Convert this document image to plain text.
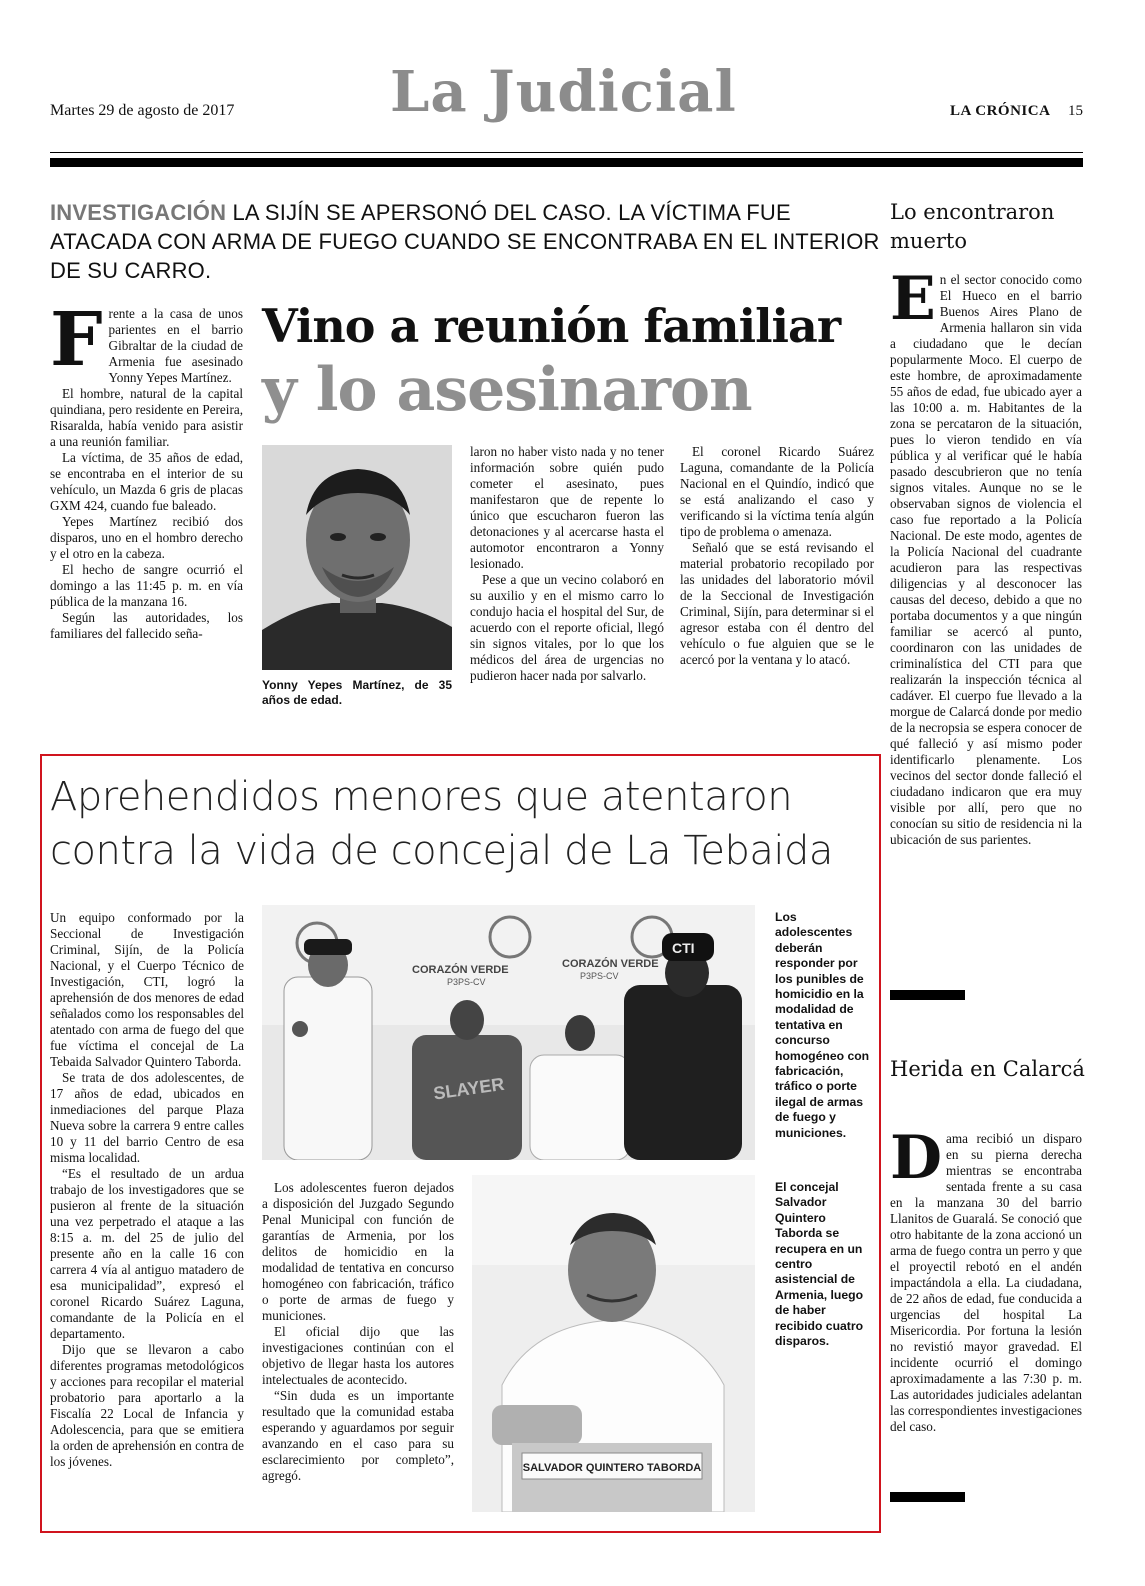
Martes 29 de agosto de 2017	La Judicial	LA CRÓNICA 15
INVESTIGACIÓN LA SIJÍN SE APERSONÓ DEL CASO. LA VÍCTIMA FUE ATACADA CON ARMA DE FUEGO CUANDO SE ENCONTRABA EN EL INTERIOR DE SU CARRO.
Vino a reunión familiar
y lo asesinaron

Frente a la casa de unos parientes en el barrio Gibraltar de la ciudad de Armenia fue asesinado Yonny Yepes Martínez.

El hombre, natural de la capital quindiana, pero residente en Pereira, Risaralda, había venido para asistir a una reunión familiar.

La víctima, de 35 años de edad, se encontraba en el interior de su vehículo, un Mazda 6 gris de placas GXM 424, cuando fue baleado.

Yepes Martínez recibió dos disparos, uno en el hombro derecho y el otro en la cabeza.

El hecho de sangre ocurrió el domingo a las 11:45 p. m. en vía pública de la manzana 16.

Según las autoridades, los familiares del fallecido seña-

Yonny Yepes Martínez, de 35 años de edad.

laron no haber visto nada y no tener información sobre quién pudo cometer el asesinato, pues manifestaron que de repente lo único que escucharon fueron las detonaciones y al acercarse hasta el automotor encontraron a Yonny lesionado.

Pese a que un vecino colaboró en su auxilio y en el mismo carro lo condujo hacia el hospital del Sur, de acuerdo con el reporte oficial, llegó sin signos vitales, por lo que los médicos del área de urgencias no pudieron hacer nada por salvarlo.

El coronel Ricardo Suárez Laguna, comandante de la Policía Nacional en el Quindío, indicó que se está analizando el caso y verificando si la víctima tenía algún tipo de problema o amenaza.

Señaló que se está revisando el material probatorio recopilado por las unidades del laboratorio móvil de la Seccional de Investigación Criminal, Sijín, para determinar si el agresor estaba con él dentro del vehículo o fue alguien que se le acercó por la ventana y lo atacó.

Lo encontraron muerto

En el sector conocido como El Hueco en el barrio Buenos Aires Plano de Armenia hallaron sin vida a ciudadano que le decían popularmente Moco. El cuerpo de este hombre, de aproximadamente 55 años de edad, fue ubicado ayer a las 10:00 a. m. Habitantes de la zona se percataron de la situación, pues lo vieron tendido en vía pública y al verificar qué le había pasado descubrieron que no tenía signos vitales. Aunque no se le observaban signos de violencia el caso fue reportado a la Policía Nacional. De este modo, agentes de la Policía Nacional del cuadrante acudieron para las respectivas diligencias y al desconocer las causas del deceso, debido a que no portaba documentos y a que ningún familiar se acercó al punto, coordinaron con las unidades de criminalística del CTI para que realizarán la inspección técnica al cadáver. El cuerpo fue llevado a la morgue de Calarcá donde por medio de la necropsia se espera conocer de qué falleció y así mismo poder identificarlo plenamente. Los vecinos del sector donde falleció el ciudadano indicaron que era muy visible por allí, pero que no conocían su sitio de residencia ni la ubicación de sus parientes.

Herida en Calarcá

Dama recibió un disparo en su pierna derecha mientras se encontraba sentada frente a su casa en la manzana 30 del barrio Llanitos de Guaralá. Se conoció que otro habitante de la zona accionó un arma de fuego contra un perro y que el proyectil rebotó en el andén impactándola a ella. La ciudadana, de 22 años de edad, fue conducida a urgencias del hospital La Misericordia. Por fortuna la lesión no revistió mayor gravedad. El incidente ocurrió el domingo aproximadamente a las 7:30 p. m. Las autoridades judiciales adelantan las correspondientes investigaciones del caso.

Aprehendidos menores que atentaron contra la vida de concejal de La Tebaida

Un equipo conformado por la Seccional de Investigación Criminal, Sijín, de la Policía Nacional, y el Cuerpo Técnico de Investigación, CTI, logró la aprehensión de dos menores de edad señalados como los responsables del atentado con arma de fuego del que fue víctima el concejal de La Tebaida Salvador Quintero Taborda.

Se trata de dos adolescentes, de 17 años de edad, ubicados en inmediaciones del parque Plaza Nueva sobre la carrera 9 entre calles 10 y 11 del barrio Centro de esa misma localidad.

“Es el resultado de un ardua trabajo de los investigadores que se pusieron al frente de la situación una vez perpetrado el ataque a las 8:15 a. m. del 25 de julio del presente año en la calle 16 con carrera 4 vía al antiguo matadero de esa municipalidad”, expresó el coronel Ricardo Suárez Laguna, comandante de la Policía en el departamento.

Dijo que se llevaron a cabo diferentes programas metodológicos y acciones para recopilar el material probatorio para aportarlo a la Fiscalía 22 Local de Infancia y Adolescencia, para que se emitiera la orden de aprehensión en contra de los jóvenes.

CORAZÓN VERDE
P3PS-CV
CORAZÓN VERDE
P3PS-CV
SLAYER
CTI
Los adolescentes deberán responder por los punibles de homicidio en la modalidad de tentativa en concurso homogéneo con fabricación, tráfico o porte ilegal de armas de fuego y municiones.

Los adolescentes fueron dejados a disposición del Juzgado Segundo Penal Municipal con función de garantías de Armenia, por los delitos de homicidio en la modalidad de tentativa en concurso homogéneo con fabricación, tráfico o porte de armas de fuego y municiones.

El oficial dijo que las investigaciones continúan con el objetivo de llegar hasta los autores intelectuales de acontecido.

“Sin duda es un importante resultado que la comunidad estaba esperando y aguardamos por seguir avanzando en el caso para su esclarecimiento por completo”, agregó.	SALVADOR QUINTERO TABORDA
El concejal Salvador Quintero Taborda se recupera en un centro asistencial de Armenia, luego de haber recibido cuatro disparos.
